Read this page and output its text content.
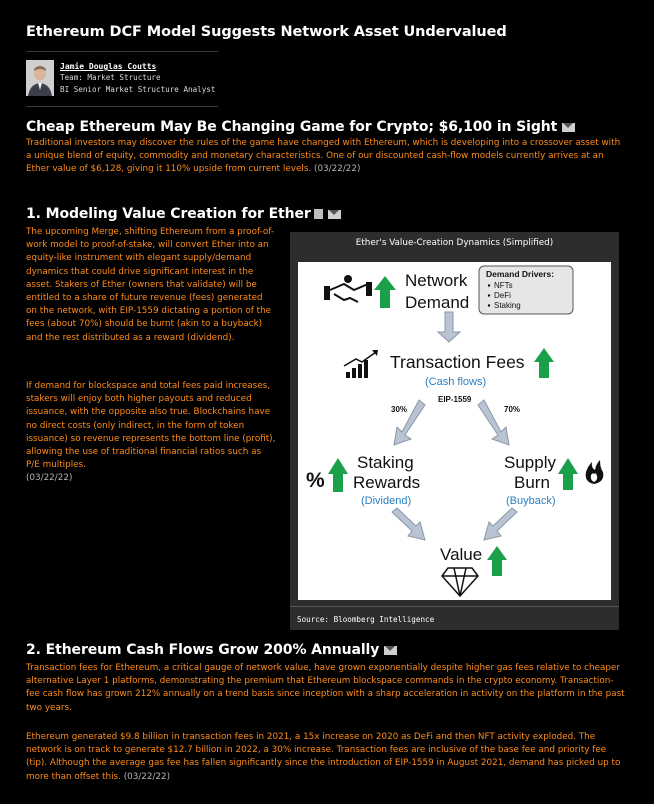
Ethereum DCF Model Suggests Network Asset Undervalued
Jamie Douglas Coutts
Team: Market Structure
BI Senior Market Structure Analyst
Cheap Ethereum May Be Changing Game for Crypto; $6,100 in Sight
Traditional investors may discover the rules of the game have changed with Ethereum, which is developing into a crossover asset with a unique blend of equity, commodity and monetary characteristics. One of our discounted cash-flow models currently arrives at an Ether value of $6,128, giving it 110% upside from current levels. (03/22/22)
1. Modeling Value Creation for Ether
The upcoming Merge, shifting Ethereum from a proof-of-work model to proof-of-stake, will convert Ether into an equity-like instrument with elegant supply/demand dynamics that could drive significant interest in the asset. Stakers of Ether (owners that validate) will be entitled to a share of future revenue (fees) generated on the network, with EIP-1559 dictating a portion of the fees (about 70%) should be burnt (akin to a buyback) and the rest distributed as a reward (dividend).
If demand for blockspace and total fees paid increases, stakers will enjoy both higher payouts and reduced issuance, with the opposite also true. Blockchains have no direct costs (only indirect, in the form of token issuance) so revenue represents the bottom line (profit), allowing the use of traditional financial ratios such as P/E multiples.
(03/22/22)
Ether's Value-Creation Dynamics (Simplified)
Network
Demand
Demand Drivers:
NFTs
DeFi
Staking
Transaction Fees
(Cash flows)
EIP-1559
30%	70%
%
Staking
Rewards
(Dividend)
Supply
Burn
(Buyback)
Value
Source: Bloomberg Intelligence
2. Ethereum Cash Flows Grow 200% Annually
Transaction fees for Ethereum, a critical gauge of network value, have grown exponentially despite higher gas fees relative to cheaper alternative Layer 1 platforms, demonstrating the premium that Ethereum blockspace commands in the crypto economy. Transaction-fee cash flow has grown 212% annually on a trend basis since inception with a sharp acceleration in activity on the platform in the past two years.
Ethereum generated $9.8 billion in transaction fees in 2021, a 15x increase on 2020 as DeFi and then NFT activity exploded. The network is on track to generate $12.7 billion in 2022, a 30% increase. Transaction fees are inclusive of the base fee and priority fee (tip). Although the average gas fee has fallen significantly since the introduction of EIP-1559 in August 2021, demand has picked up to more than offset this. (03/22/22)
